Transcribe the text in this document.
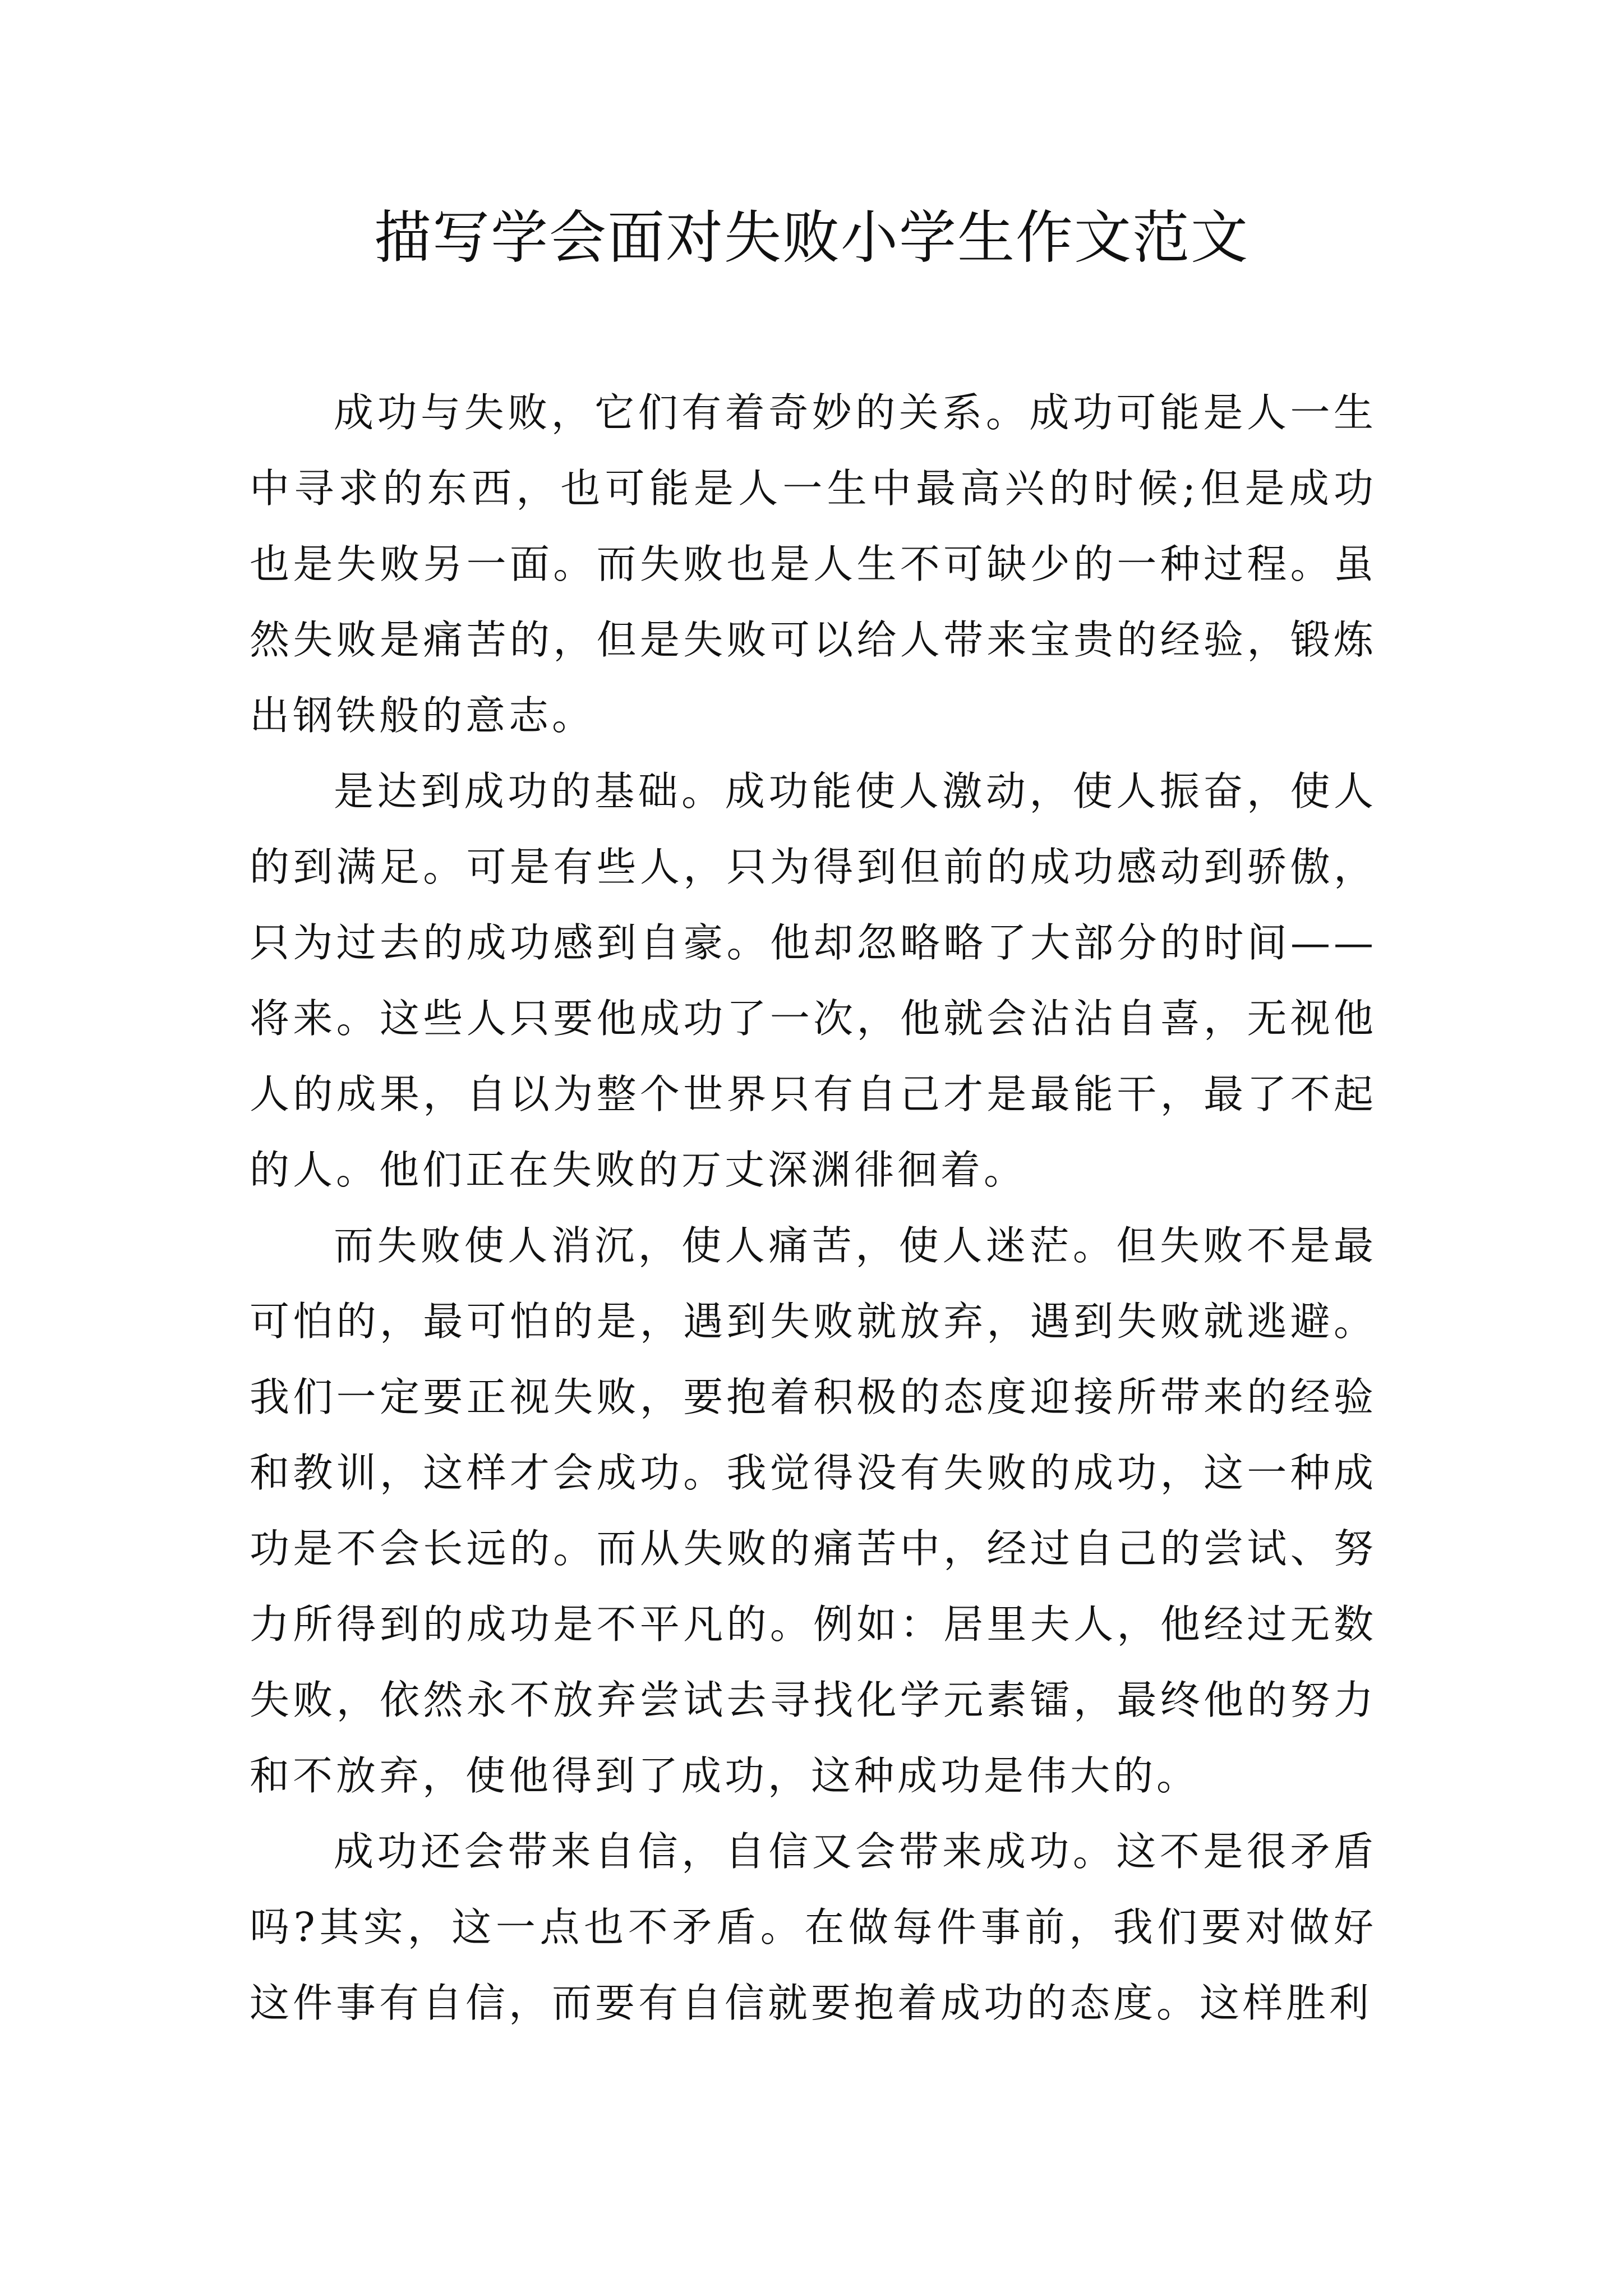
描写学会面对失败小学生作文范文

成功与失败，它们有着奇妙的关系。成功可能是人一生中寻求的东西，也可能是人一生中最高兴的时候;但是成功也是失败另一面。而失败也是人生不可缺少的一种过程。虽然失败是痛苦的，但是失败可以给人带来宝贵的经验，锻炼出钢铁般的意志。

是达到成功的基础。成功能使人激动，使人振奋，使人的到满足。可是有些人，只为得到但前的成功感动到骄傲，只为过去的成功感到自豪。他却忽略略了大部分的时间——将来。这些人只要他成功了一次，他就会沾沾自喜，无视他人的成果，自以为整个世界只有自己才是最能干，最了不起的人。他们正在失败的万丈深渊徘徊着。

而失败使人消沉，使人痛苦，使人迷茫。但失败不是最可怕的，最可怕的是，遇到失败就放弃，遇到失败就逃避。我们一定要正视失败，要抱着积极的态度迎接所带来的经验和教训，这样才会成功。我觉得没有失败的成功，这一种成功是不会长远的。而从失败的痛苦中，经过自己的尝试、努力所得到的成功是不平凡的。例如：居里夫人，他经过无数失败，依然永不放弃尝试去寻找化学元素镭，最终他的努力和不放弃，使他得到了成功，这种成功是伟大的。

成功还会带来自信，自信又会带来成功。这不是很矛盾吗?其实，这一点也不矛盾。在做每件事前，我们要对做好这件事有自信，而要有自信就要抱着成功的态度。这样胜利
